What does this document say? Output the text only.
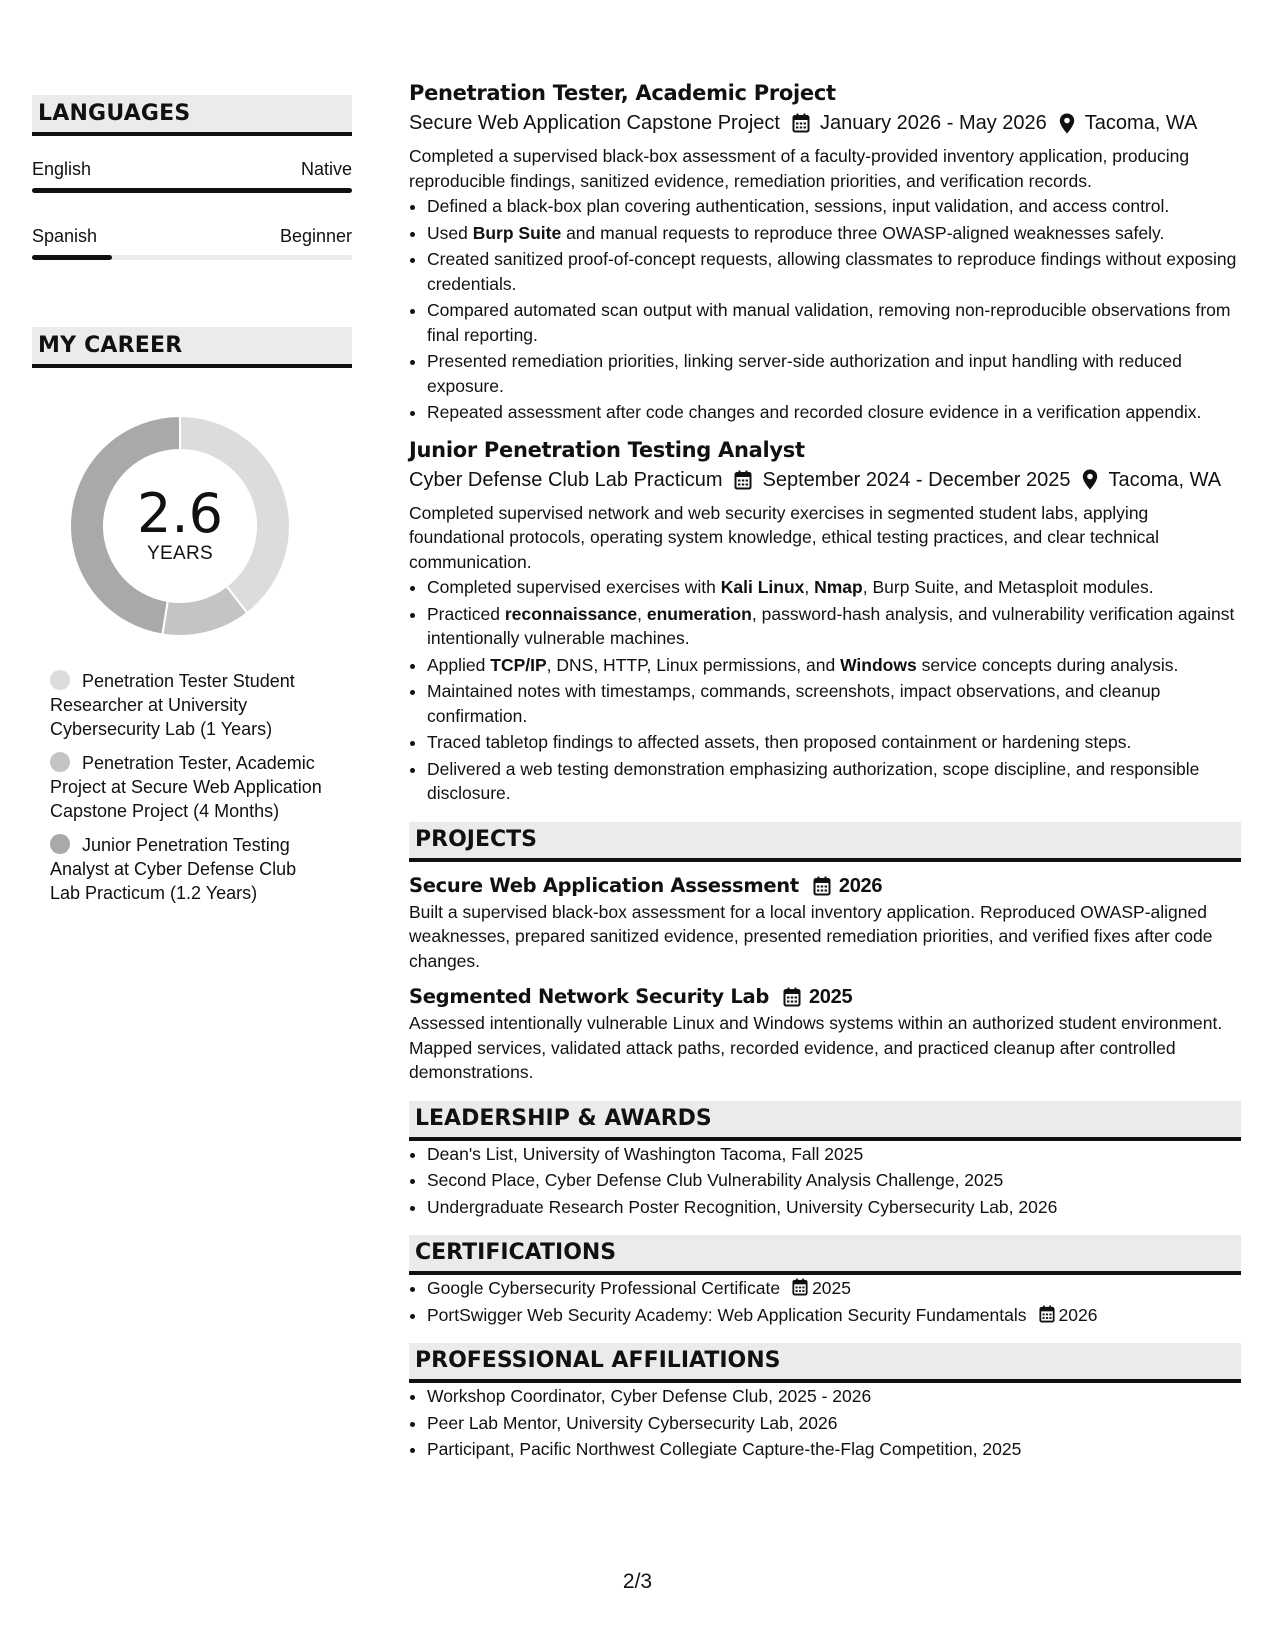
LANGUAGES
English	Native
Spanish	Beginner
MY CAREER
2.6
YEARS
Penetration Tester Student Researcher at University Cybersecurity Lab (1 Years)
Penetration Tester, Academic Project at Secure Web Application Capstone Project (4 Months)
Junior Penetration Testing Analyst at Cyber Defense Club Lab Practicum (1.2 Years)
Penetration Tester, Academic Project
Secure Web Application Capstone Project January 2026 - May 2026 Tacoma, WA
Completed a supervised black-box assessment of a faculty-provided inventory application, producing reproducible findings, sanitized evidence, remediation priorities, and verification records.
• Defined a black-box plan covering authentication, sessions, input validation, and access control.
• Used Burp Suite and manual requests to reproduce three OWASP-aligned weaknesses safely.
• Created sanitized proof-of-concept requests, allowing classmates to reproduce findings without exposing credentials.
• Compared automated scan output with manual validation, removing non-reproducible observations from final reporting.
• Presented remediation priorities, linking server-side authorization and input handling with reduced exposure.
• Repeated assessment after code changes and recorded closure evidence in a verification appendix.
Junior Penetration Testing Analyst
Cyber Defense Club Lab Practicum September 2024 - December 2025 Tacoma, WA
Completed supervised network and web security exercises in segmented student labs, applying foundational protocols, operating system knowledge, ethical testing practices, and clear technical communication.
• Completed supervised exercises with Kali Linux, Nmap, Burp Suite, and Metasploit modules.
• Practiced reconnaissance, enumeration, password-hash analysis, and vulnerability verification against intentionally vulnerable machines.
• Applied TCP/IP, DNS, HTTP, Linux permissions, and Windows service concepts during analysis.
• Maintained notes with timestamps, commands, screenshots, impact observations, and cleanup confirmation.
• Traced tabletop findings to affected assets, then proposed containment or hardening steps.
• Delivered a web testing demonstration emphasizing authorization, scope discipline, and responsible disclosure.
PROJECTS
Secure Web Application Assessment 2026
Built a supervised black-box assessment for a local inventory application. Reproduced OWASP-aligned weaknesses, prepared sanitized evidence, presented remediation priorities, and verified fixes after code changes.
Segmented Network Security Lab 2025
Assessed intentionally vulnerable Linux and Windows systems within an authorized student environment. Mapped services, validated attack paths, recorded evidence, and practiced cleanup after controlled demonstrations.
LEADERSHIP & AWARDS
• Dean's List, University of Washington Tacoma, Fall 2025
• Second Place, Cyber Defense Club Vulnerability Analysis Challenge, 2025
• Undergraduate Research Poster Recognition, University Cybersecurity Lab, 2026
CERTIFICATIONS
• Google Cybersecurity Professional Certificate 2025
• PortSwigger Web Security Academy: Web Application Security Fundamentals 2026
PROFESSIONAL AFFILIATIONS
• Workshop Coordinator, Cyber Defense Club, 2025 - 2026
• Peer Lab Mentor, University Cybersecurity Lab, 2026
• Participant, Pacific Northwest Collegiate Capture-the-Flag Competition, 2025
2/3
